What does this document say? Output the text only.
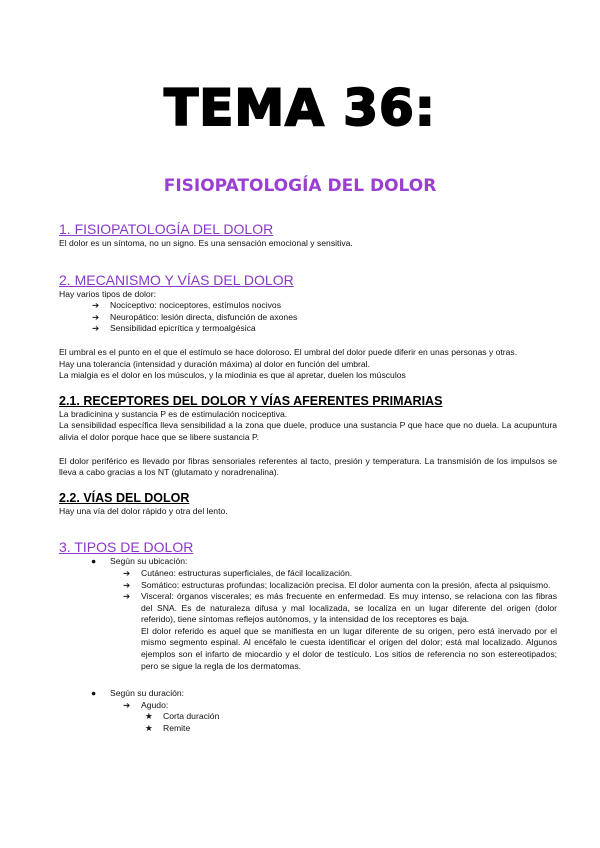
TEMA 36:
FISIOPATOLOGÍA DEL DOLOR
1. FISIOPATOLOGÍA DEL DOLOR

El dolor es un síntoma, no un signo. Es una sensación emocional y sensitiva.

2. MECANISMO Y VÍAS DEL DOLOR

Hay varios tipos de dolor:

➔ Nociceptivo: nociceptores, estímulos nocivos
➔ Neuropático: lesión directa, disfunción de axones
➔ Sensibilidad epicrítica y termoalgésica

El umbral es el punto en el que el estímulo se hace doloroso. El umbral del dolor puede diferir en unas personas y otras.

Hay una tolerancia (intensidad y duración máxima) al dolor en función del umbral.

La mialgia es el dolor en los músculos, y la miodinia es que al apretar, duelen los músculos

2.1. RECEPTORES DEL DOLOR Y VÍAS AFERENTES PRIMARIAS

La bradicinina y sustancia P es de estimulación nociceptiva.

La sensibilidad específica lleva sensibilidad a la zona que duele, produce una sustancia P que hace que no duela. La acupuntura alivia el dolor porque hace que se libere sustancia P.

El dolor periférico es llevado por fibras sensoriales referentes al tacto, presión y temperatura. La transmisión de los impulsos se lleva a cabo gracias a los NT (glutamato y noradrenalina).

2.2. VÍAS DEL DOLOR

Hay una vía del dolor rápido y otra del lento.

3. TIPOS DE DOLOR
● Según su ubicación:
➔ Cutáneo: estructuras superficiales, de fácil localización.
➔ Somático: estructuras profundas; localización precisa. El dolor aumenta con la presión, afecta al psiquismo.
➔ Visceral: órganos viscerales; es más frecuente en enfermedad. Es muy intenso, se relaciona con las fibras del SNA. Es de naturaleza difusa y mal localizada, se localiza en un lugar diferente del origen (dolor referido), tiene síntomas reflejos autónomos, y la intensidad de los receptores es baja.

El dolor referido es aquel que se manifiesta en un lugar diferente de su origen, pero está inervado por el mismo segmento espinal. Al encéfalo le cuesta identificar el origen del dolor; está mal localizado. Algunos ejemplos son el infarto de miocardio y el dolor de testículo. Los sitios de referencia no son estereotipados; pero se sigue la regla de los dermatomas.

● Según su duración:
➔ Agudo:
★ Corta duración
★ Remite
